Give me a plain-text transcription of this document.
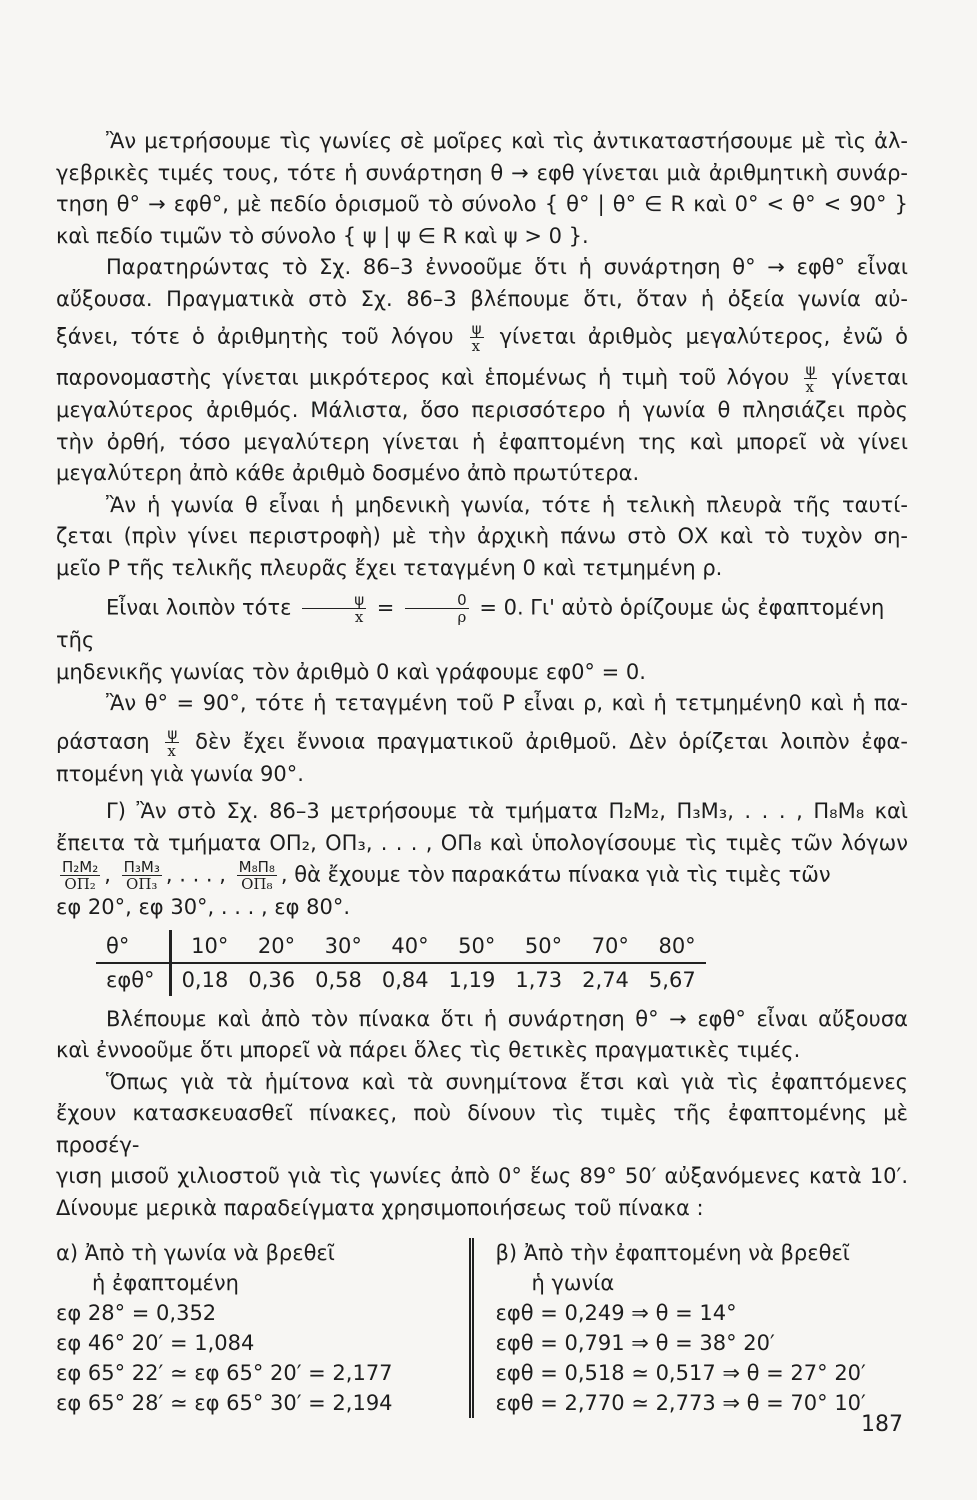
Ἂν μετρήσουμε τὶς γωνίες σὲ μοῖρες καὶ τὶς ἀντικαταστήσουμε μὲ τὶς ἀλ-

γεβρικὲς τιμές τους, τότε ἡ συνάρτηση θ → εφθ γίνεται μιὰ ἀριθμητικὴ συνάρ-

τηση θ° → εφθ°, μὲ πεδίο ὁρισμοῦ τὸ σύνολο { θ° | θ° ∈ R καὶ 0° < θ° < 90° }

καὶ πεδίο τιμῶν τὸ σύνολο { ψ | ψ ∈ R καὶ ψ > 0 }.

Παρατηρώντας τὸ Σχ. 86–3 ἐννοοῦμε ὅτι ἡ συνάρτηση θ° → εφθ° εἶναι

αὔξουσα. Πραγματικὰ στὸ Σχ. 86–3 βλέπουμε ὅτι, ὅταν ἡ ὀξεία γωνία αὐ-

ξάνει, τότε ὁ ἀριθμητὴς τοῦ λόγου $\frac{\psi}{x}$ γίνεται ἀριθμὸς μεγαλύτερος, ἐνῶ ὁ

παρονομαστὴς γίνεται μικρότερος καὶ ἑπομένως ἡ τιμὴ τοῦ λόγου $\frac{\psi}{x}$ γίνεται

μεγαλύτερος ἀριθμός. Μάλιστα, ὅσο περισσότερο ἡ γωνία θ πλησιάζει πρὸς

τὴν ὀρθή, τόσο μεγαλύτερη γίνεται ἡ ἐφαπτομένη της καὶ μπορεῖ νὰ γίνει

μεγαλύτερη ἀπὸ κάθε ἀριθμὸ δοσμένο ἀπὸ πρωτύτερα.

Ἂν ἡ γωνία θ εἶναι ἡ μηδενικὴ γωνία, τότε ἡ τελικὴ πλευρὰ τῆς ταυτί-

ζεται (πρὶν γίνει περιστροφὴ) μὲ τὴν ἀρχικὴ πάνω στὸ ΟΧ καὶ τὸ τυχὸν ση-

μεῖο Ρ τῆς τελικῆς πλευρᾶς ἔχει τεταγμένη 0 καὶ τετμημένη ρ.

Εἶναι λοιπὸν τότε $\frac{\psi}{x} = \frac{0}{\rho} = 0$. Γι' αὐτὸ ὁρίζουμε ὡς ἐφαπτομένη τῆς

μηδενικῆς γωνίας τὸν ἀριθμὸ 0 καὶ γράφουμε εφ0° = 0.

Ἂν θ° = 90°, τότε ἡ τεταγμένη τοῦ Ρ εἶναι ρ, καὶ ἡ τετμημένη0 καὶ ἡ πα-

ράσταση $\frac{\psi}{x}$ δὲν ἔχει ἔννοια πραγματικοῦ ἀριθμοῦ. Δὲν ὁρίζεται λοιπὸν ἐφα-

πτομένη γιὰ γωνία 90°.

Γ) Ἂν στὸ Σχ. 86–3 μετρήσουμε τὰ τμήματα Π₂Μ₂, Π₃Μ₃, . . . , Π₈Μ₈ καὶ

ἔπειτα τὰ τμήματα ΟΠ₂, ΟΠ₃, . . . , ΟΠ₈ καὶ ὑπολογίσουμε τὶς τιμὲς τῶν λόγων

$\frac{\text{Π₂Μ₂}}{\text{ΟΠ₂}}$ , $\frac{\text{Π₃Μ₃}}{\text{ΟΠ₃}}$ , . . . , $\frac{\text{Μ₈Π₈}}{\text{ΟΠ₈}}$ , θὰ ἔχουμε τὸν παρακάτω πίνακα γιὰ τὶς τιμὲς τῶν

εφ 20°, εφ 30°, . . . , εφ 80°.

θ°	10°	20°	30°	40°	50°	50°	70°	80°
εφθ°	0,18	0,36	0,58	0,84	1,19	1,73	2,74	5,67

Βλέπουμε καὶ ἀπὸ τὸν πίνακα ὅτι ἡ συνάρτηση θ° → εφθ° εἶναι αὔξουσα

καὶ ἐννοοῦμε ὅτι μπορεῖ νὰ πάρει ὅλες τὶς θετικὲς πραγματικὲς τιμές.

Ὅπως γιὰ τὰ ἡμίτονα καὶ τὰ συνημίτονα ἔτσι καὶ γιὰ τὶς ἐφαπτόμενες

ἔχουν κατασκευασθεῖ πίνακες, ποὺ δίνουν τὶς τιμὲς τῆς ἐφαπτομένης μὲ προσέγ-

γιση μισοῦ χιλιοστοῦ γιὰ τὶς γωνίες ἀπὸ 0° ἕως 89° 50′ αὐξανόμενες κατὰ 10′.

Δίνουμε μερικὰ παραδείγματα χρησιμοποιήσεως τοῦ πίνακα :

α) Ἀπὸ τὴ γωνία νὰ βρεθεῖ
ἡ ἐφαπτομένη
εφ 28° = 0,352
εφ 46° 20′ = 1,084
εφ 65° 22′ ≃ εφ 65° 20′ = 2,177
εφ 65° 28′ ≃ εφ 65° 30′ = 2,194
β) Ἀπὸ τὴν ἐφαπτομένη νὰ βρεθεῖ
ἡ γωνία
εφθ = 0,249 ⇒ θ = 14°
εφθ = 0,791 ⇒ θ = 38° 20′
εφθ = 0,518 ≃ 0,517 ⇒ θ = 27° 20′
εφθ = 2,770 ≃ 2,773 ⇒ θ = 70° 10′
187
